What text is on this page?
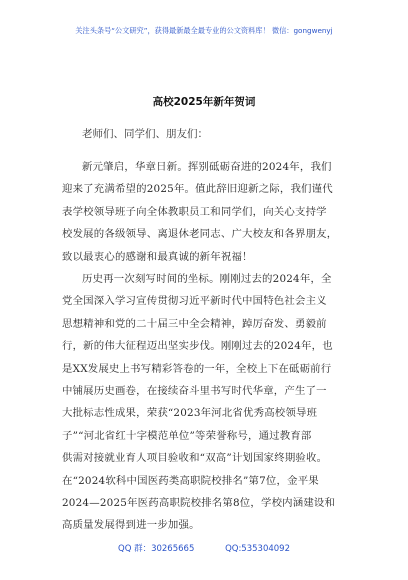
关注头条号“公文研究”，获得最新最全最专业的公文资料库！ 微信：gongwenyj
高校2025年新年贺词
老师们、同学们、朋友们：
新元肇启，华章日新。挥别砥砺奋进的2024年，我们
迎来了充满希望的2025年。值此辞旧迎新之际，我们谨代
表学校领导班子向全体教职员工和同学们，向关心支持学
校发展的各级领导、离退休老同志、广大校友和各界朋友，
致以最衷心的感谢和最真诚的新年祝福！
历史再一次刻写时间的坐标。刚刚过去的2024年，全
党全国深入学习宣传贯彻习近平新时代中国特色社会主义
思想精神和党的二十届三中全会精神，踔厉奋发、勇毅前
行，新的伟大征程迈出坚实步伐。刚刚过去的2024年，也
是XX发展史上书写精彩答卷的一年，全校上下在砥砺前行
中铺展历史画卷，在接续奋斗里书写时代华章，产生了一
大批标志性成果，荣获“2023年河北省优秀高校领导班
子”“河北省红十字模范单位”等荣誉称号，通过教育部
供需对接就业育人项目验收和“双高”计划国家终期验收。
在“2024软科中国医药类高职院校排名”第7位，金平果
2024—2025年医药高职院校排名第8位，学校内涵建设和
高质量发展得到进一步加强。
QQ 群：30265665	QQ:535304092
